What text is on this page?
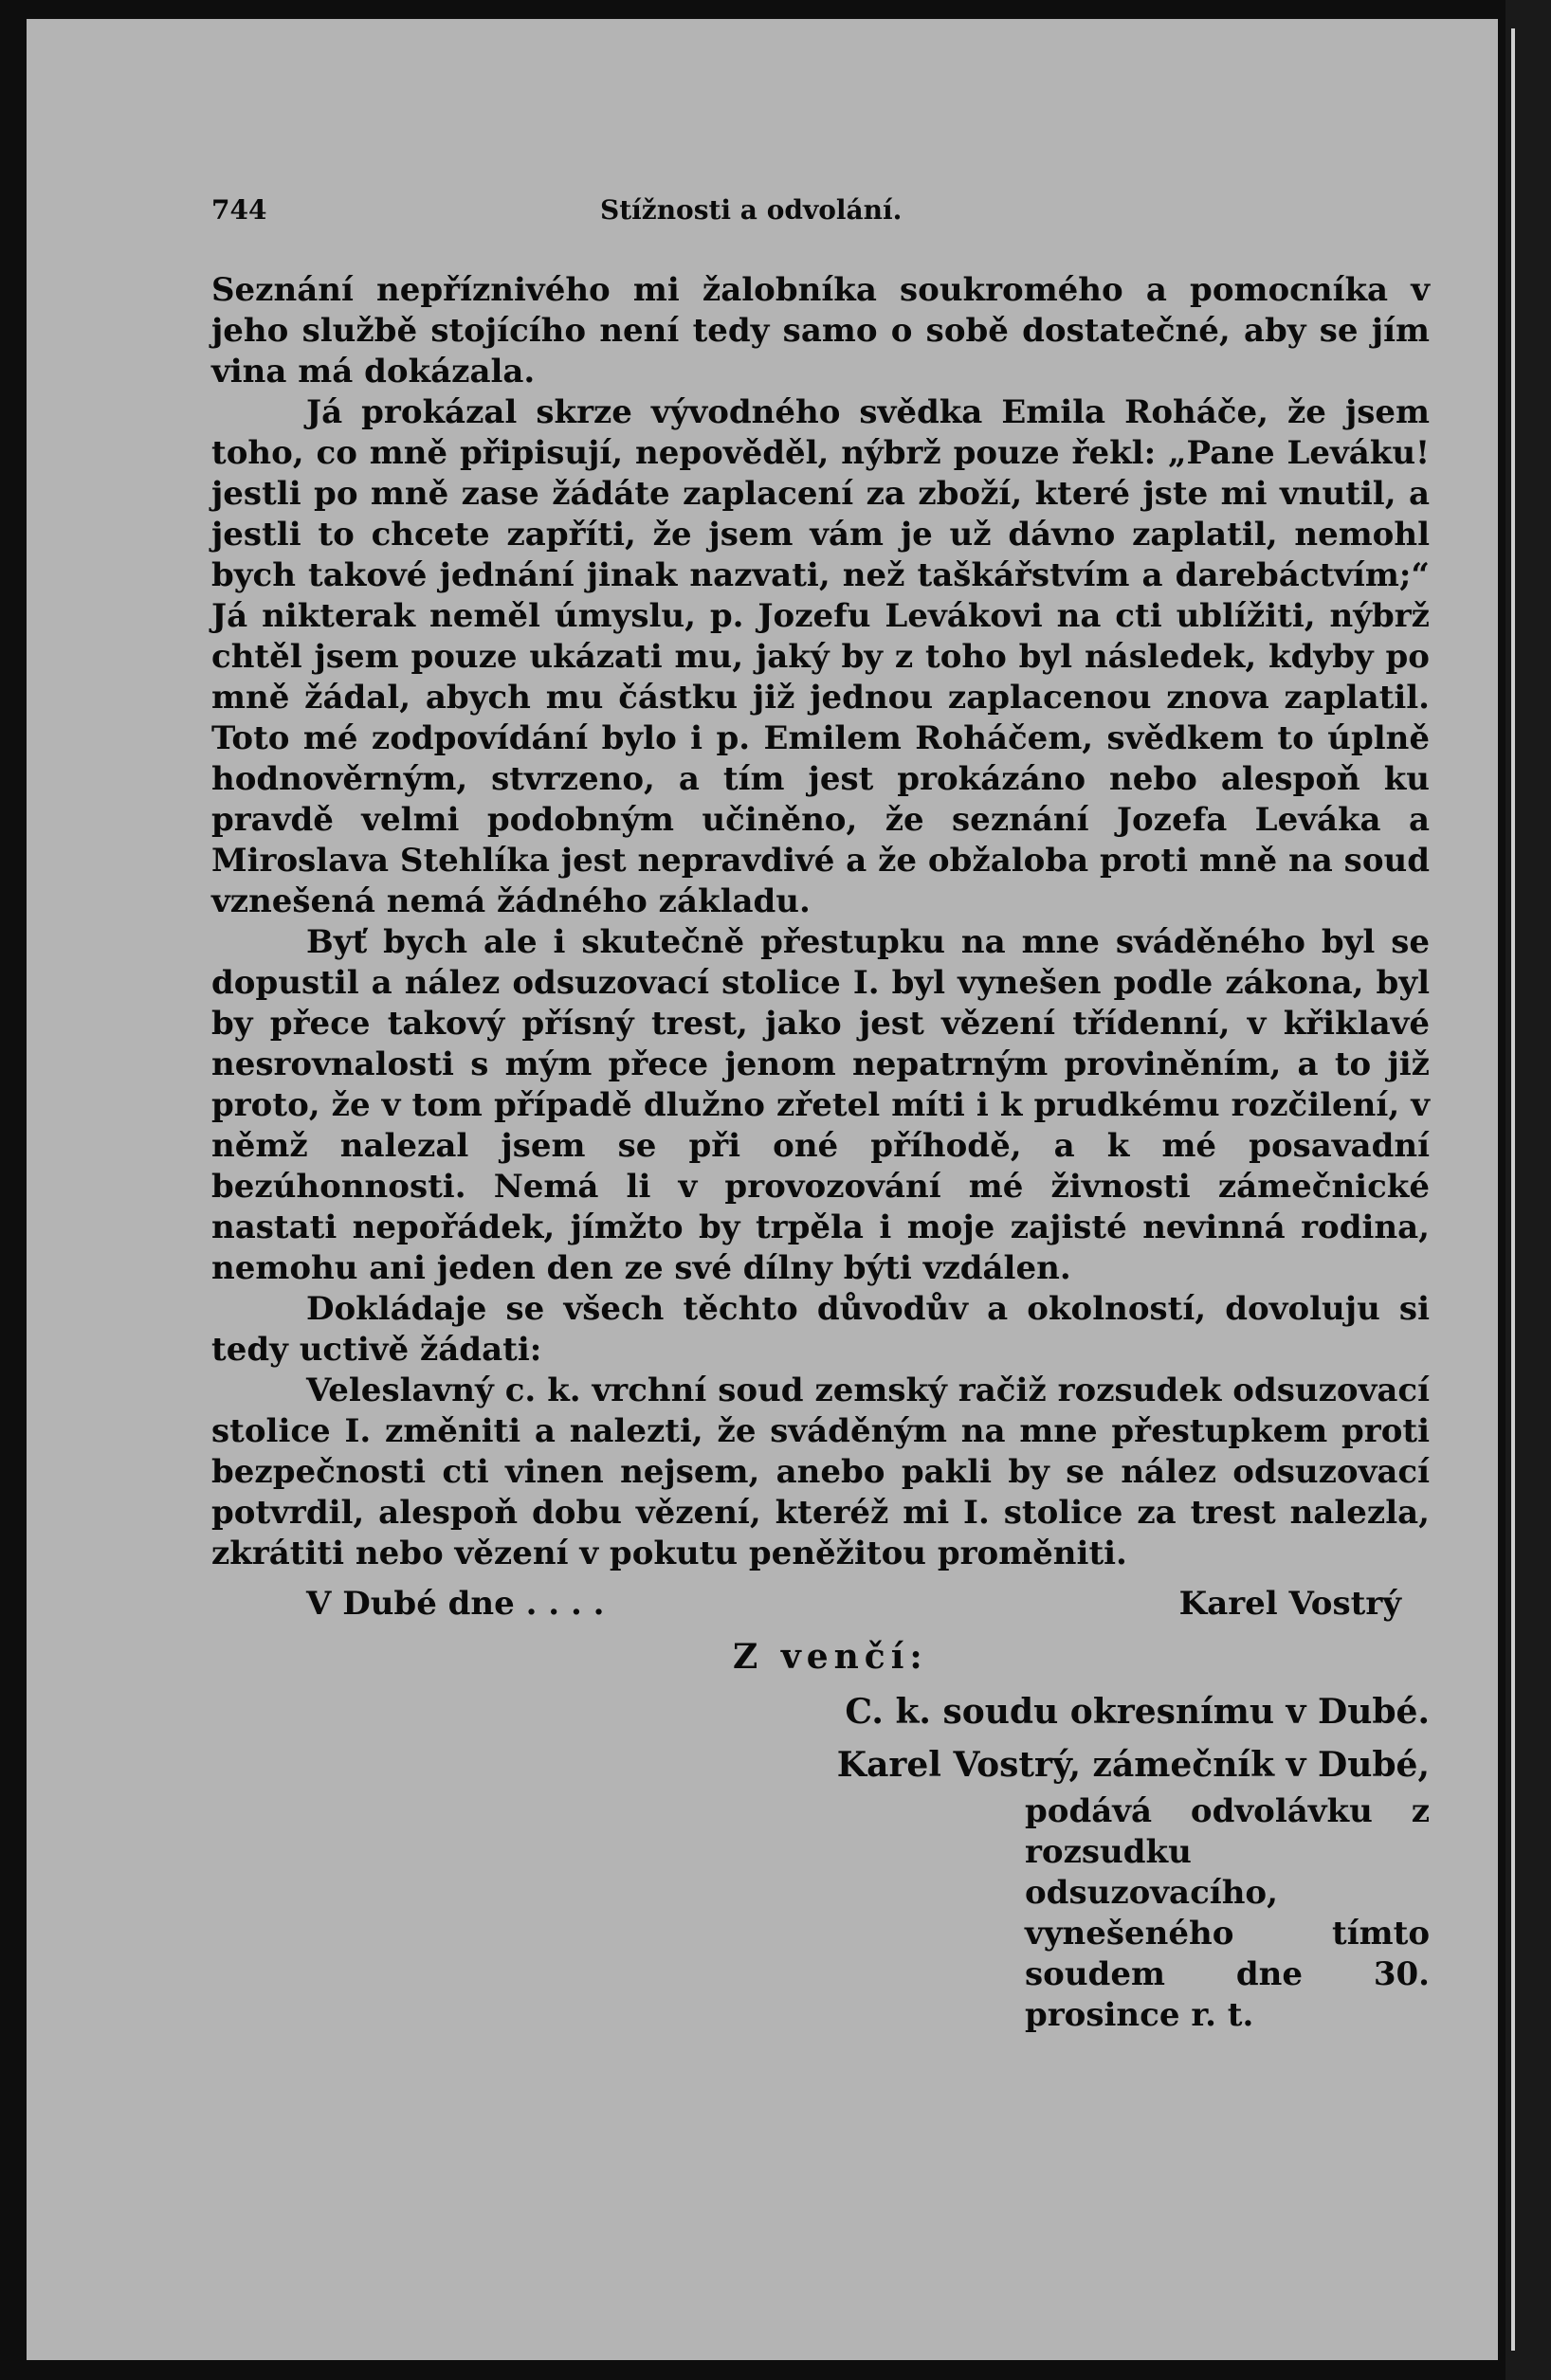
744	Stížnosti a odvolání.

Seznání nepříznivého mi žalobníka soukromého a pomocníka v jeho službě stojícího není tedy samo o sobě dostatečné, aby se jím vina má dokázala.

Já prokázal skrze vývodného svědka Emila Roháče, že jsem toho, co mně připisují, nepověděl, nýbrž pouze řekl: „Pane Leváku! jestli po mně zase žádáte zaplacení za zboží, které jste mi vnutil, a jestli to chcete zapříti, že jsem vám je už dávno zaplatil, nemohl bych takové jednání jinak nazvati, než taškářstvím a darebáctvím;“ Já nikterak neměl úmyslu, p. Jozefu Levákovi na cti ublížiti, nýbrž chtěl jsem pouze ukázati mu, jaký by z toho byl následek, kdyby po mně žádal, abych mu částku již jednou zaplacenou znova zaplatil. Toto mé zodpovídání bylo i p. Emilem Roháčem, svědkem to úplně hodnověrným, stvrzeno, a tím jest prokázáno nebo alespoň ku pravdě velmi podobným učiněno, že seznání Jozefa Leváka a Miroslava Stehlíka jest nepravdivé a že obžaloba proti mně na soud vznešená nemá žádného základu.

Byť bych ale i skutečně přestupku na mne sváděného byl se dopustil a nález odsuzovací stolice I. byl vynešen podle zákona, byl by přece takový přísný trest, jako jest vězení třídenní, v křiklavé nesrovnalosti s mým přece jenom nepatrným proviněním, a to již proto, že v tom případě dlužno zřetel míti i k prudkému rozčilení, v němž nalezal jsem se při oné příhodě, a k mé posavadní bezúhonnosti. Nemá li v provozování mé živnosti zámečnické nastati nepořádek, jímžto by trpěla i moje zajisté nevinná rodina, nemohu ani jeden den ze své dílny býti vzdálen.

Dokládaje se všech těchto důvodův a okolností, dovoluju si tedy uctivě žádati:

Veleslavný c. k. vrchní soud zemský račiž rozsudek odsuzovací stolice I. změniti a nalezti, že sváděným na mne přestupkem proti bezpečnosti cti vinen nejsem, anebo pakli by se nález odsuzovací potvrdil, alespoň dobu vězení, kteréž mi I. stolice za trest nalezla, zkrátiti nebo vězení v pokutu peněžitou proměniti.

V Dubé dne . . . .	Karel Vostrý
Z venčí:
C. k. soudu okresnímu v Dubé.
Karel Vostrý, zámečník v Dubé,
podává odvolávku z rozsudku odsuzovacího, vynešeného tímto soudem dne 30. prosince r. t.
